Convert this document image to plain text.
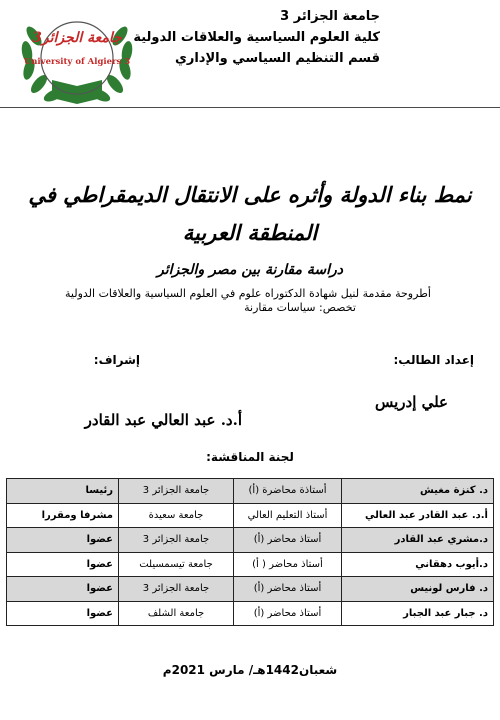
جامعة الجزائر 3
كلية العلوم السياسية والعلاقات الدولية
قسم التنظيم السياسي والإداري
جامعة الجزائر3
University of Algiers 3

نمط بناء الدولة وأثره على الانتقال الديمقراطي في

المنطقة العربية

دراسة مقارنة بين مصر والجزائر
أطروحة مقدمة لنيل شهادة الدكتوراه علوم في العلوم السياسية والعلاقات الدولية
تخصص: سياسات مقارنة
إعداد الطالب:
علي إدريس
إشراف:
أ.د. عبد العالي عبد القادر
لجنة المناقشة:
د. كنزة مغيش	أستاذة محاضرة (أ)	جامعة الجزائر 3	رئيسا
أ.د. عبد القادر عبد العالي	أستاذ التعليم العالي	جامعة سعيدة	مشرفا ومقررا
د.مشري عبد القادر	أستاذ محاضر (أ)	جامعة الجزائر 3	عضوا
د.أيوب دهقاني	أستاذ محاضر ( أ)	جامعة تيسمسيلت	عضوا
د. فارس لونيس	أستاذ محاضر (أ)	جامعة الجزائر 3	عضوا
د. جبار عبد الجبار	أستاذ محاضر (أ)	جامعة الشلف	عضوا
شعبان1442هـ/ مارس 2021م
